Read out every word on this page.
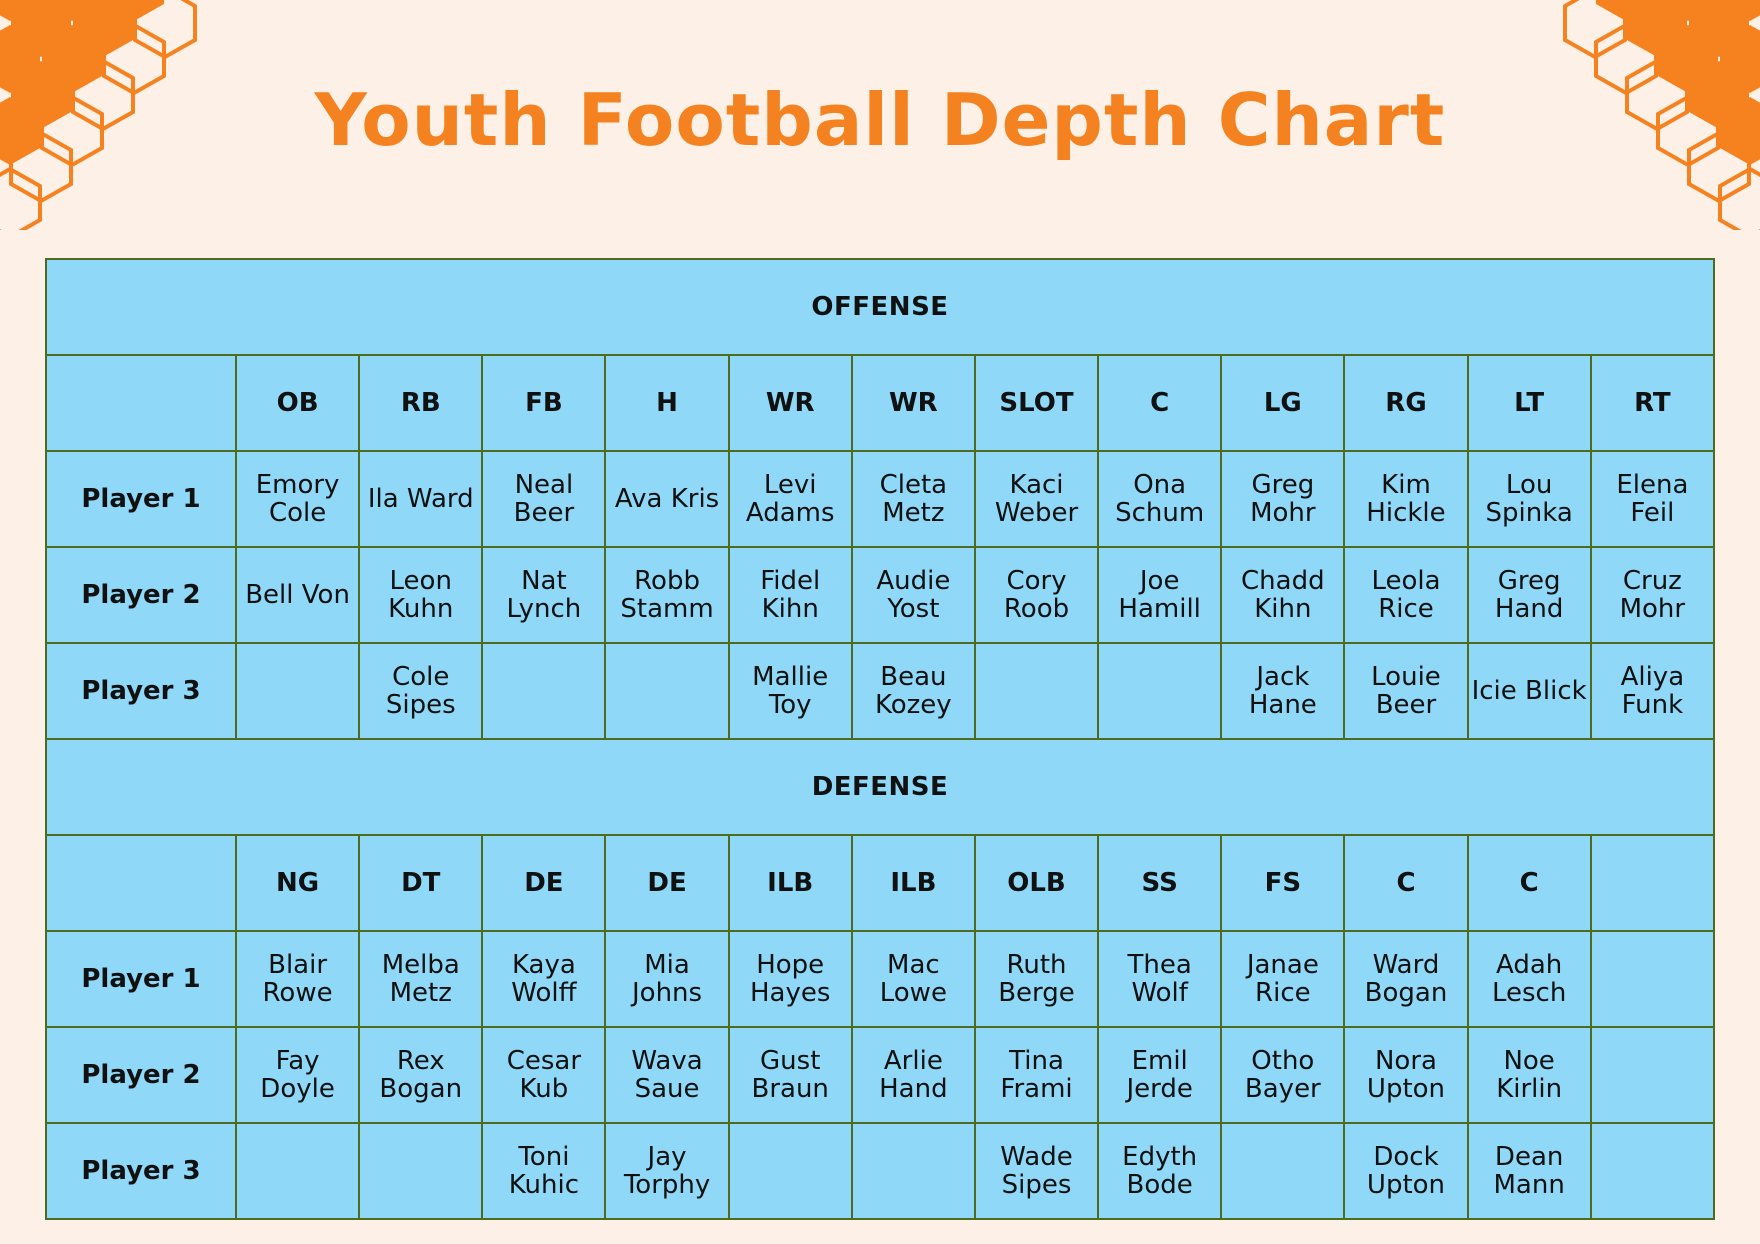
Youth Football Depth Chart
OFFENSE												
	OB	RB	FB	H	WR	WR	SLOT	C	LG	RG	LT	RT
Player 1	Emory Cole	Ila Ward	Neal Beer	Ava Kris	Levi Adams	Cleta Metz	Kaci Weber	Ona Schum	Greg Mohr	Kim Hickle	Lou Spinka	Elena Feil
Player 2	Bell Von	Leon Kuhn	Nat Lynch	Robb Stamm	Fidel Kihn	Audie Yost	Cory Roob	Joe Hamill	Chadd Kihn	Leola Rice	Greg Hand	Cruz Mohr
Player 3		Cole Sipes			Mallie Toy	Beau Kozey			Jack Hane	Louie Beer	Icie Blick	Aliya Funk
DEFENSE												
	NG	DT	DE	DE	ILB	ILB	OLB	SS	FS	C	C	
Player 1	Blair Rowe	Melba Metz	Kaya Wolff	Mia Johns	Hope Hayes	Mac Lowe	Ruth Berge	Thea Wolf	Janae Rice	Ward Bogan	Adah Lesch	
Player 2	Fay Doyle	Rex Bogan	Cesar Kub	Wava Saue	Gust Braun	Arlie Hand	Tina Frami	Emil Jerde	Otho Bayer	Nora Upton	Noe Kirlin	
Player 3			Toni Kuhic	Jay Torphy			Wade Sipes	Edyth Bode		Dock Upton	Dean Mann	
